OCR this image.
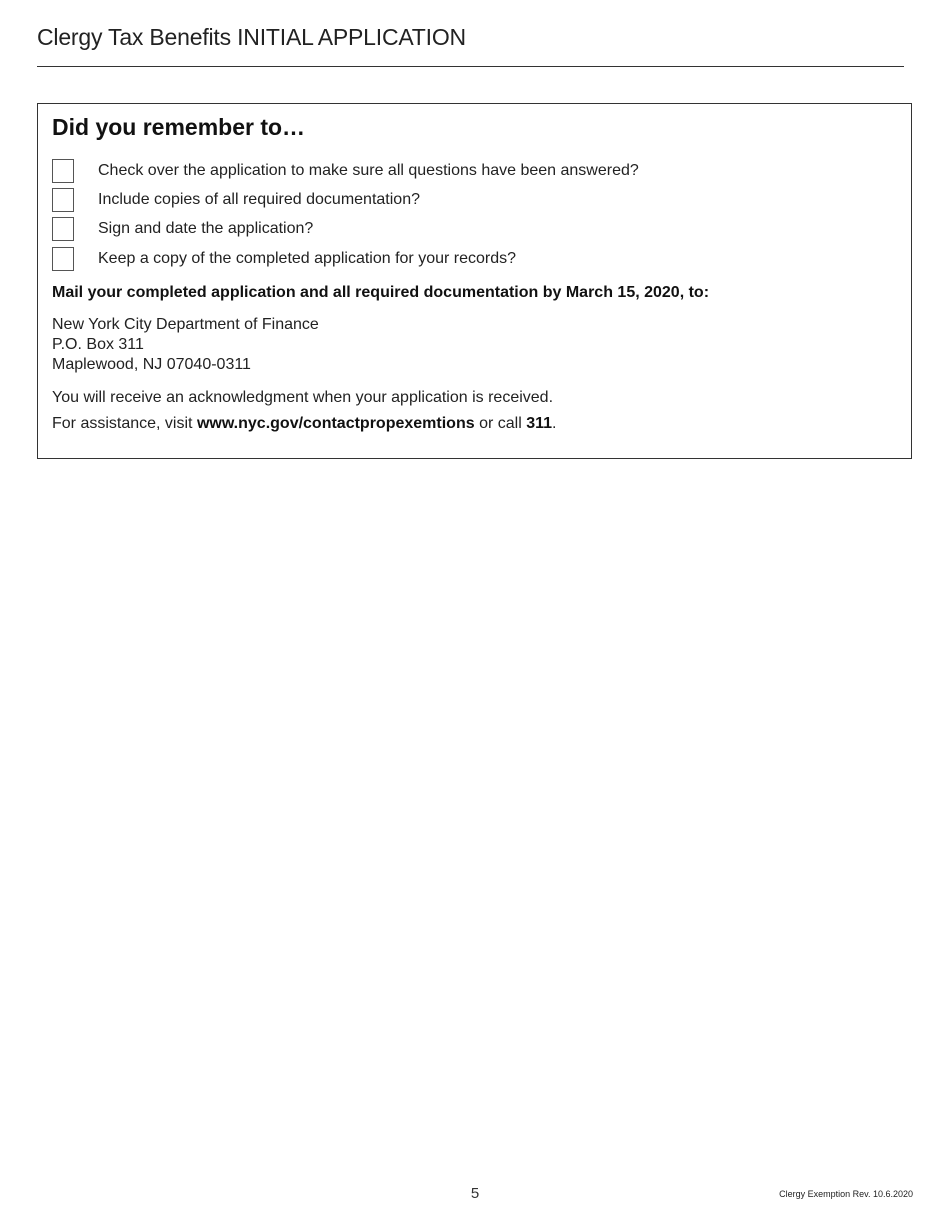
Clergy Tax Benefits INITIAL APPLICATION
Did you remember to…
Check over the application to make sure all questions have been answered?
Include copies of all required documentation?
Sign and date the application?
Keep a copy of the completed application for your records?
Mail your completed application and all required documentation by March 15, 2020, to:
New York City Department of Finance
P.O. Box 311
Maplewood, NJ 07040-0311
You will receive an acknowledgment when your application is received.
For assistance, visit www.nyc.gov/contactpropexemtions or call 311.
5	Clergy Exemption Rev. 10.6.2020
